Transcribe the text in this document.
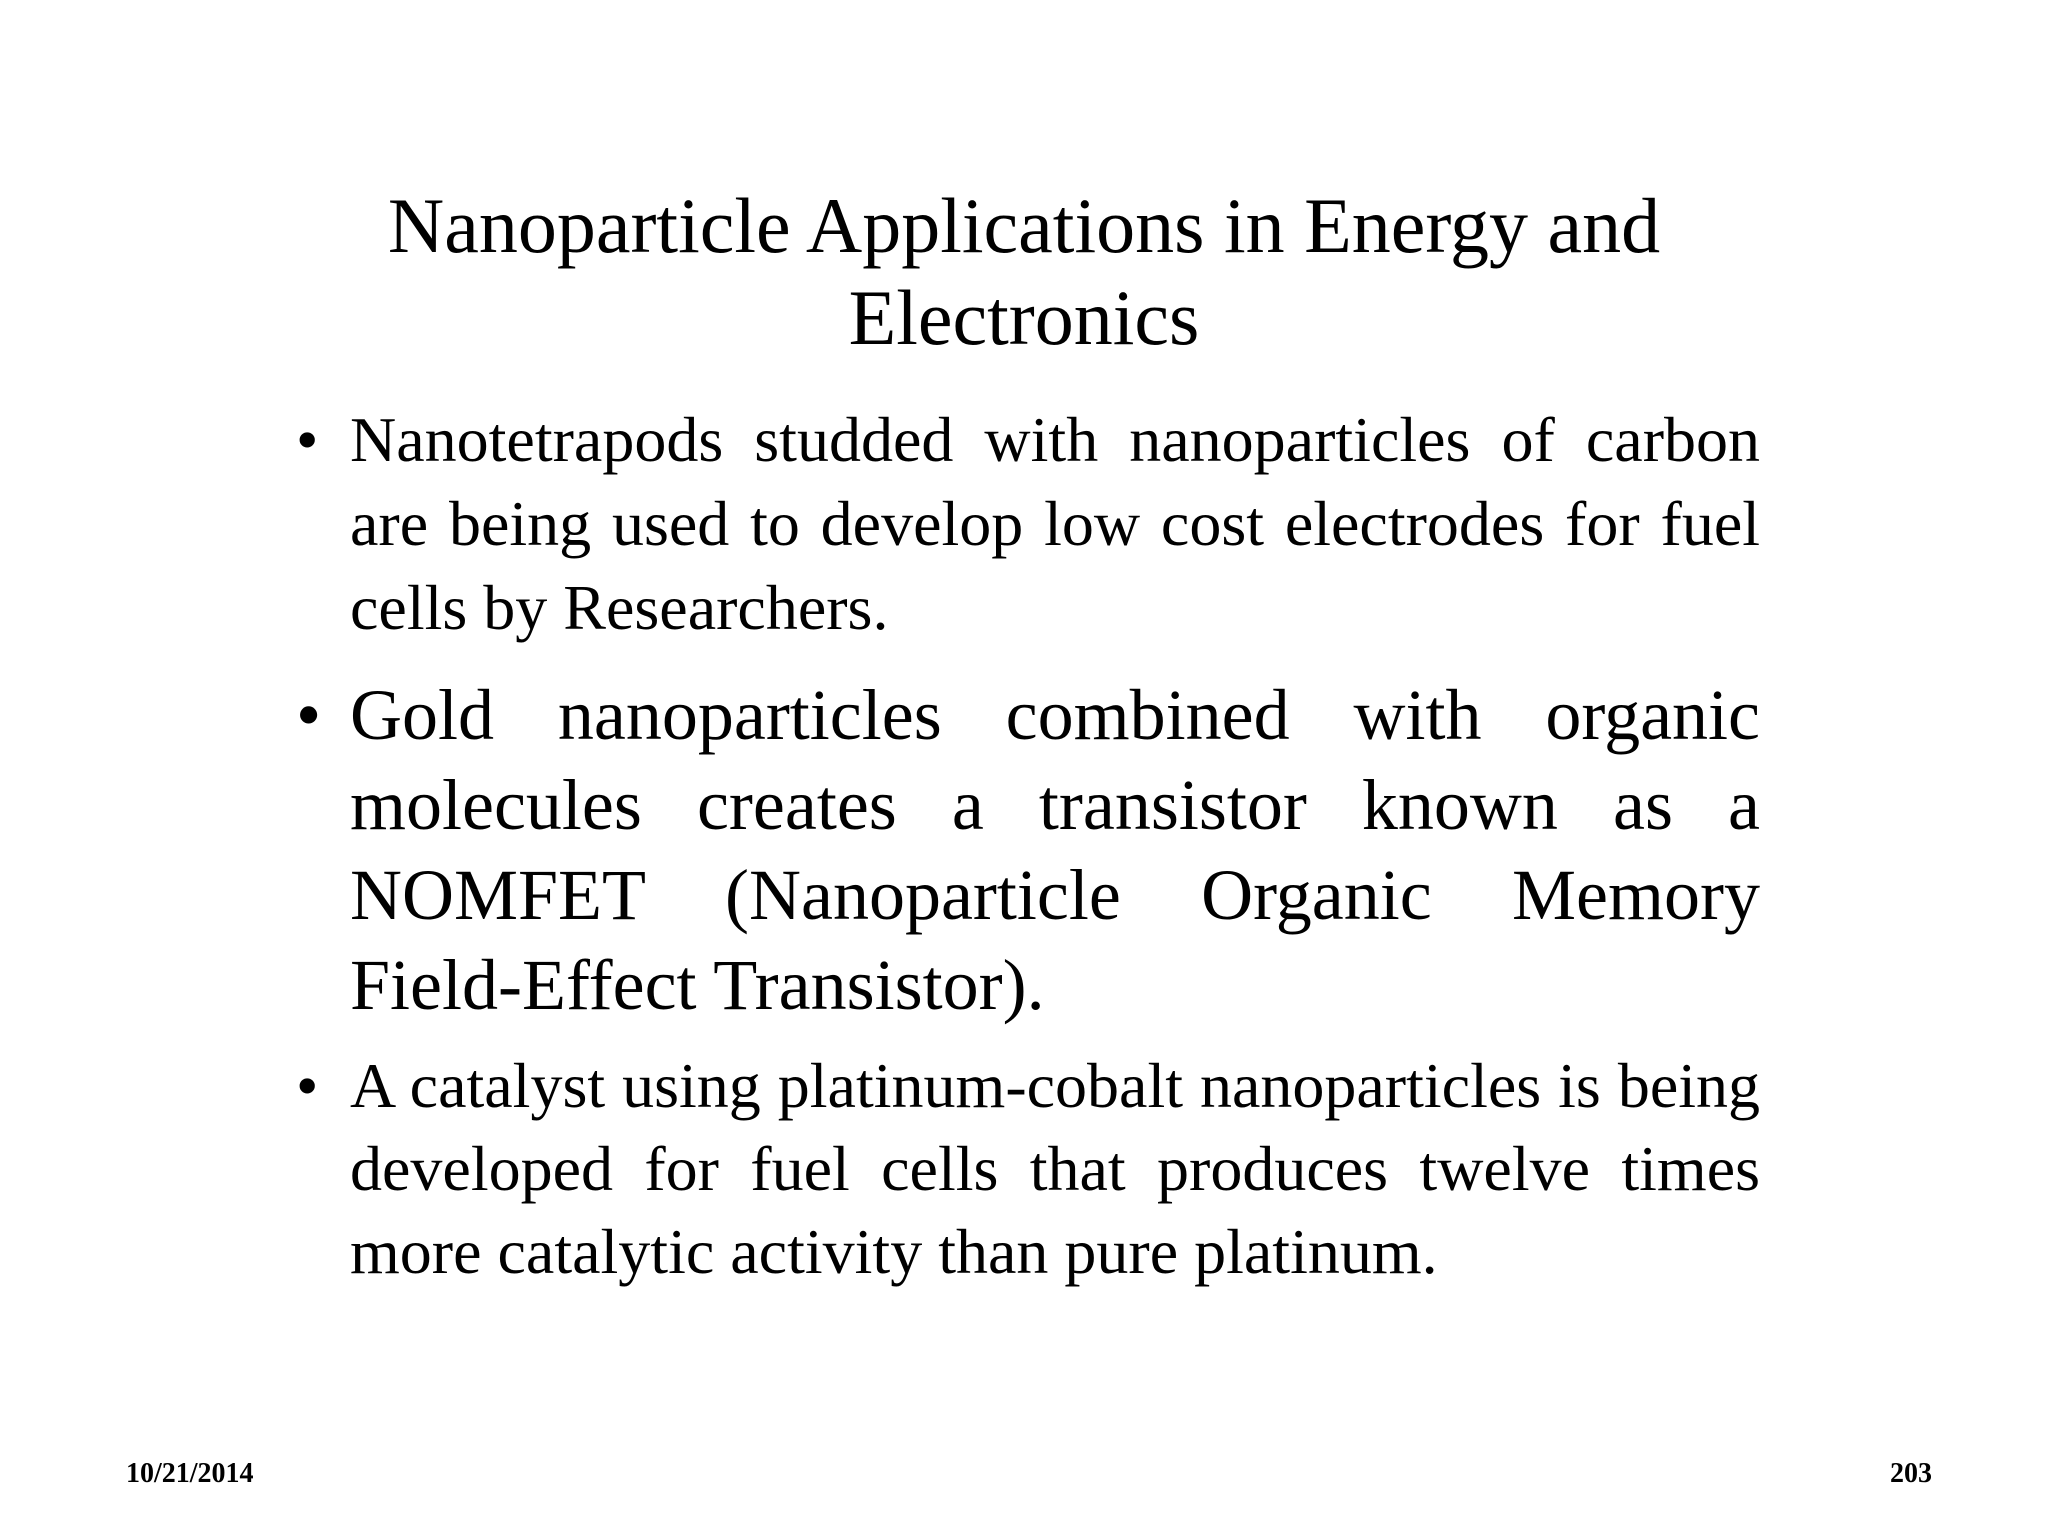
Nanoparticle Applications in Energy and Electronics
• Nanotetrapods studded with nanoparticles of carbon are being used to develop low cost electrodes for fuel cells by Researchers.
• Gold nanoparticles combined with organic molecules creates a transistor known as a NOMFET (Nanoparticle Organic Memory Field-Effect Transistor).
• A catalyst using platinum-cobalt nanoparticles is being developed for fuel cells that produces twelve times more catalytic activity than pure platinum.
10/21/2014	203
